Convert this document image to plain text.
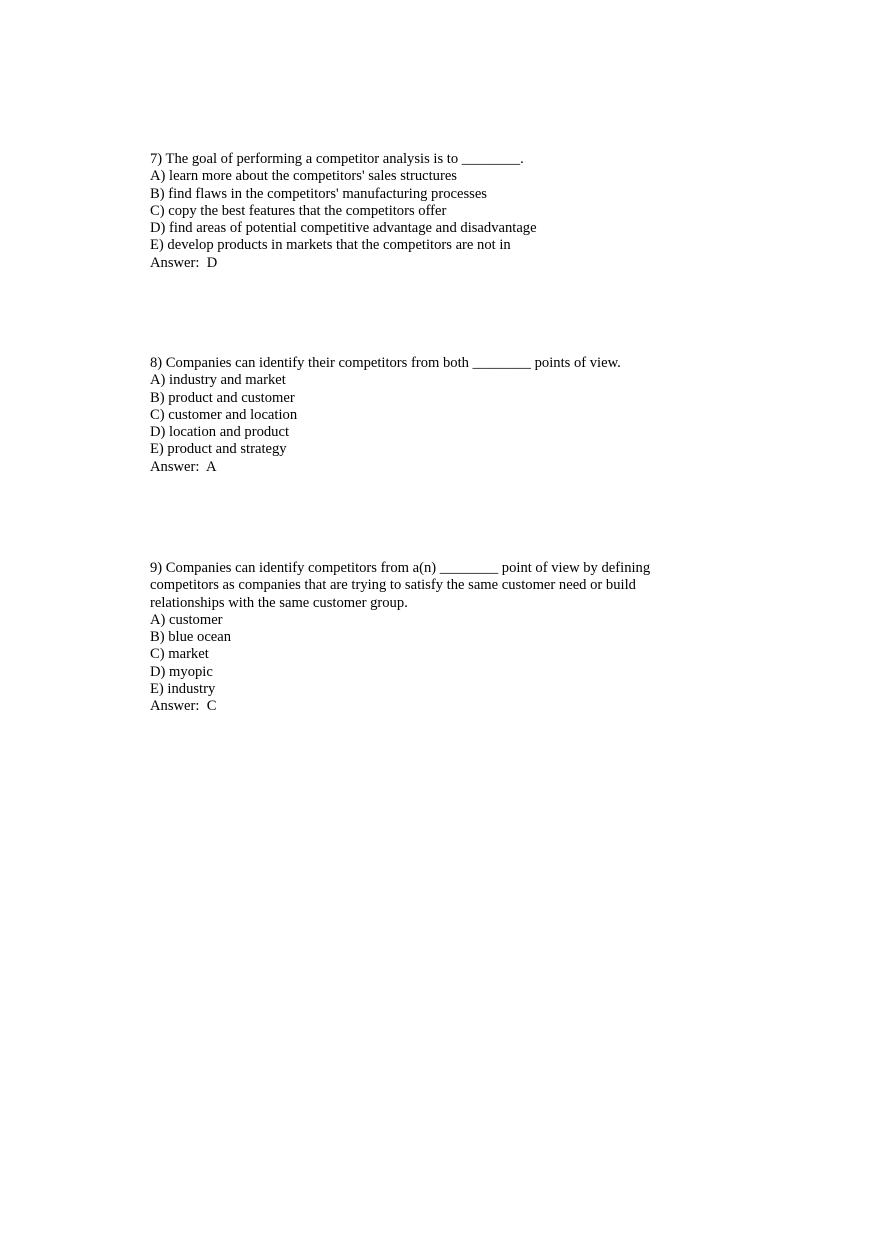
7) The goal of performing a competitor analysis is to ________.
A) learn more about the competitors' sales structures
B) find flaws in the competitors' manufacturing processes
C) copy the best features that the competitors offer
D) find areas of potential competitive advantage and disadvantage
E) develop products in markets that the competitors are not in
Answer:  D
8) Companies can identify their competitors from both ________ points of view.
A) industry and market
B) product and customer
C) customer and location
D) location and product
E) product and strategy
Answer:  A
9) Companies can identify competitors from a(n) ________ point of view by defining
competitors as companies that are trying to satisfy the same customer need or build
relationships with the same customer group.
A) customer
B) blue ocean
C) market
D) myopic
E) industry
Answer:  C
